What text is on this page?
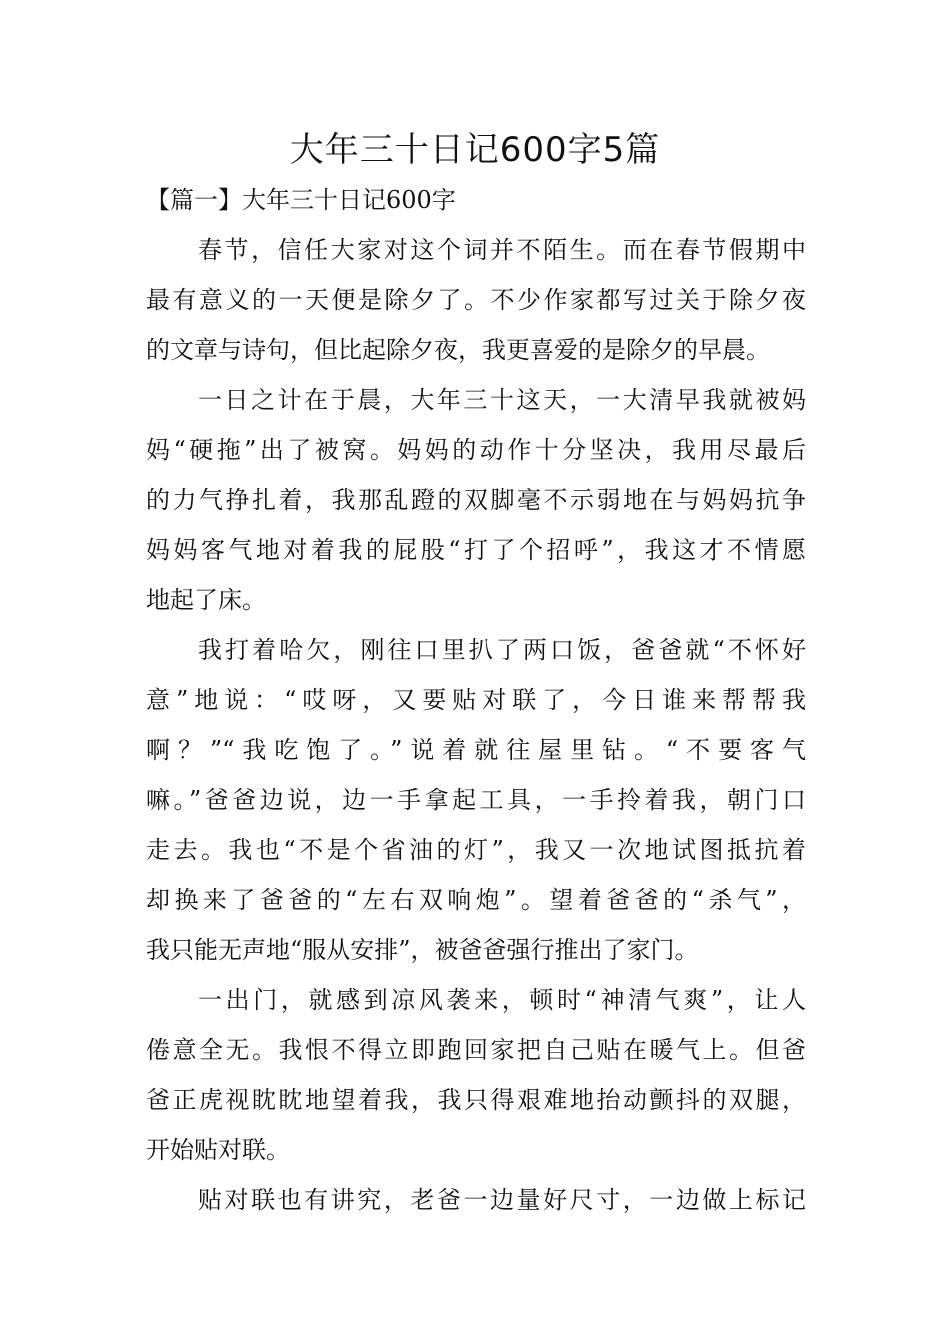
大年三十日记600字5篇
【篇一】大年三十日记600字

春节，信任大家对这个词并不陌生。而在春节假期中
最有意义的一天便是除夕了。不少作家都写过关于除夕夜
的文章与诗句，但比起除夕夜，我更喜爱的是除夕的早晨。

一日之计在于晨，大年三十这天，一大清早我就被妈
妈“硬拖”出了被窝。妈妈的动作十分坚决，我用尽最后
的力气挣扎着，我那乱蹬的双脚毫不示弱地在与妈妈抗争
妈妈客气地对着我的屁股“打了个招呼”，我这才不情愿
地起了床。

我打着哈欠，刚往口里扒了两口饭，爸爸就“不怀好
意”地说：“哎呀，又要贴对联了，今日谁来帮帮我
啊？”“我吃饱了。”说着就往屋里钻。“不要客气
嘛。”爸爸边说，边一手拿起工具，一手拎着我，朝门口
走去。我也“不是个省油的灯”，我又一次地试图抵抗着
却换来了爸爸的“左右双响炮”。望着爸爸的“杀气”，
我只能无声地“服从安排”，被爸爸强行推出了家门。

一出门，就感到凉风袭来，顿时“神清气爽”，让人
倦意全无。我恨不得立即跑回家把自己贴在暖气上。但爸
爸正虎视眈眈地望着我，我只得艰难地抬动颤抖的双腿，
开始贴对联。

贴对联也有讲究，老爸一边量好尺寸，一边做上标记
